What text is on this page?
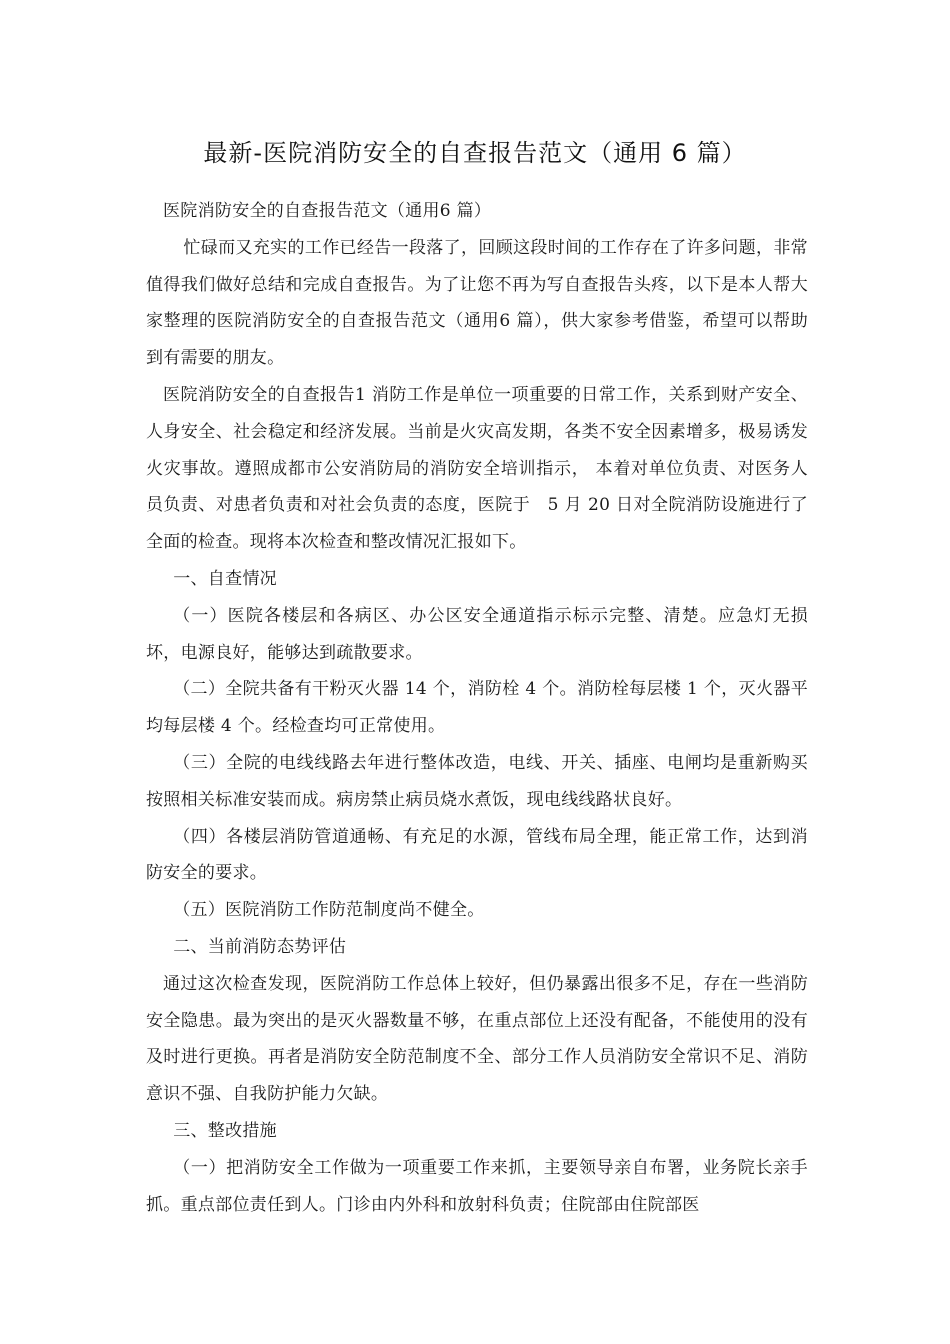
最新-医院消防安全的自查报告范文（通用 6 篇）

医院消防安全的自查报告范文（通用6 篇）

忙碌而又充实的工作已经告一段落了，回顾这段时间的工作存在了许多问题，非常值得我们做好总结和完成自查报告。为了让您不再为写自查报告头疼，以下是本人帮大家整理的医院消防安全的自查报告范文（通用6 篇），供大家参考借鉴，希望可以帮助到有需要的朋友。

医院消防安全的自查报告1 消防工作是单位一项重要的日常工作，关系到财产安全、人身安全、社会稳定和经济发展。当前是火灾高发期，各类不安全因素增多，极易诱发火灾事故。遵照成都市公安消防局的消防安全培训指示， 本着对单位负责、对医务人员负责、对患者负责和对社会负责的态度，医院于　5 月 20 日对全院消防设施进行了全面的检查。现将本次检查和整改情况汇报如下。

一、自查情况

（一）医院各楼层和各病区、办公区安全通道指示标示完整、清楚。应急灯无损坏，电源良好，能够达到疏散要求。

（二）全院共备有干粉灭火器 14 个，消防栓 4 个。消防栓每层楼 1 个，灭火器平均每层楼 4 个。经检查均可正常使用。

（三）全院的电线线路去年进行整体改造，电线、开关、插座、电闸均是重新购买按照相关标准安装而成。病房禁止病员烧水煮饭，现电线线路状良好。

（四）各楼层消防管道通畅、有充足的水源，管线布局全理，能正常工作，达到消防安全的要求。

（五）医院消防工作防范制度尚不健全。

二、当前消防态势评估

通过这次检查发现，医院消防工作总体上较好，但仍暴露出很多不足，存在一些消防安全隐患。最为突出的是灭火器数量不够，在重点部位上还没有配备，不能使用的没有及时进行更换。再者是消防安全防范制度不全、部分工作人员消防安全常识不足、消防意识不强、自我防护能力欠缺。

三、整改措施

（一）把消防安全工作做为一项重要工作来抓，主要领导亲自布署，业务院长亲手抓。重点部位责任到人。门诊由内外科和放射科负责；住院部由住院部医
